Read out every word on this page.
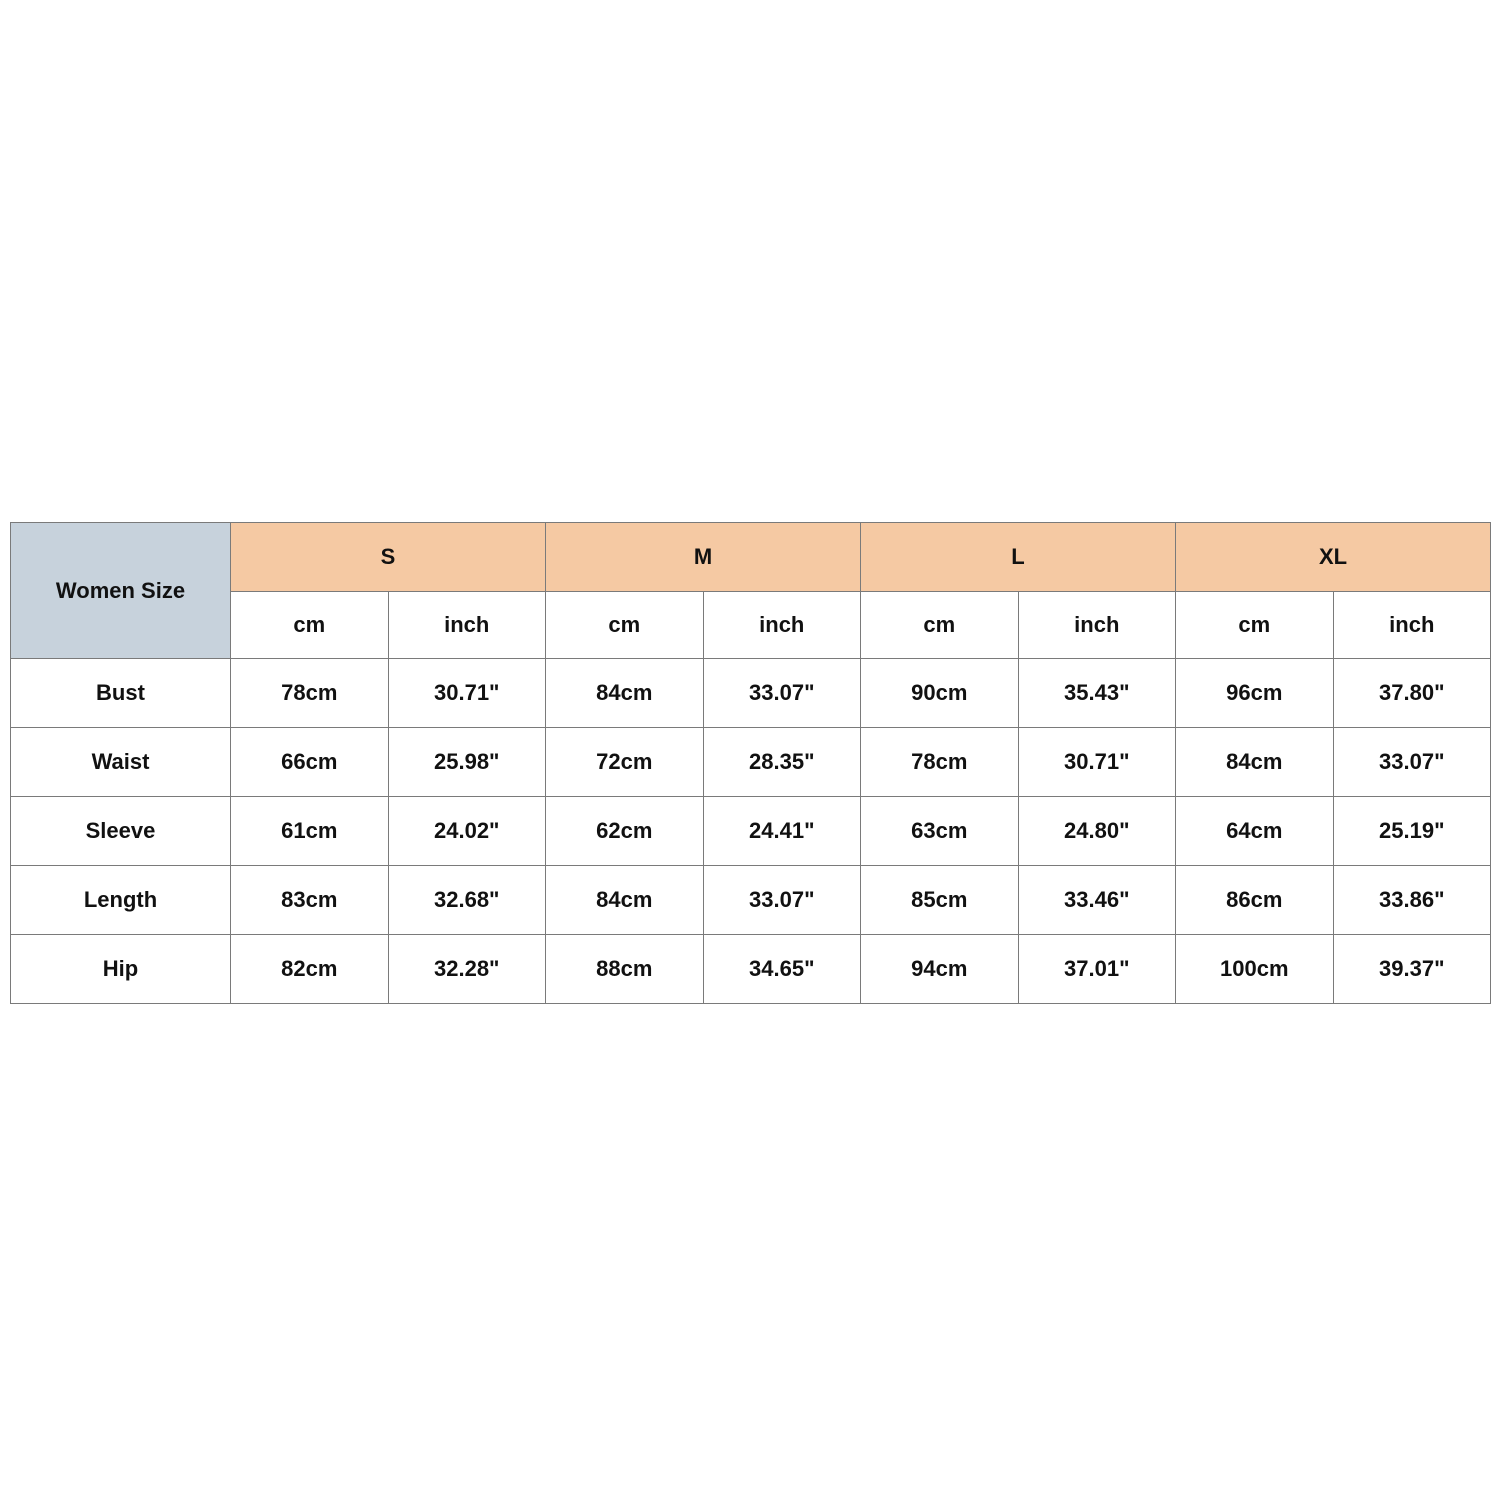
Women Size	S		M		L		XL	
	cm	inch	cm	inch	cm	inch	cm	inch
Bust	78cm	30.71"	84cm	33.07"	90cm	35.43"	96cm	37.80"
Waist	66cm	25.98"	72cm	28.35"	78cm	30.71"	84cm	33.07"
Sleeve	61cm	24.02"	62cm	24.41"	63cm	24.80"	64cm	25.19"
Length	83cm	32.68"	84cm	33.07"	85cm	33.46"	86cm	33.86"
Hip	82cm	32.28"	88cm	34.65"	94cm	37.01"	100cm	39.37"
